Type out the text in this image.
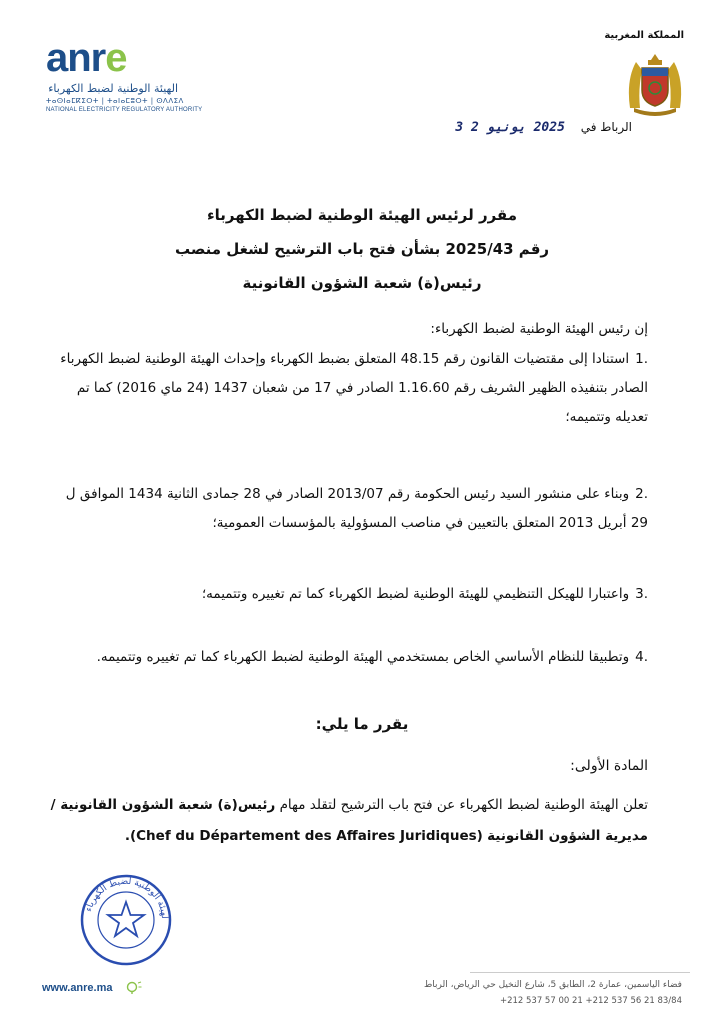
anre
الهيئة الوطنية لضبط الكهرباء
ⵜⴰⵙⵏⴰⵎⴽⵉⵔⵜ | ⵜⴰⵏⴰⵎⵓⵔⵜ | ⵙⴷⴷⵉⴷ
NATIONAL ELECTRICITY REGULATORY AUTHORITY
المملكة المغربية
الرباط في 2025 يونيو 2 3
مقرر لرئيس الهيئة الوطنية لضبط الكهرباء
رقم 2025/43 بشأن فتح باب الترشيح لشغل منصب
رئيس(ة) شعبة الشؤون القانونية
إن رئيس الهيئة الوطنية لضبط الكهرباء:
.1استنادا إلى مقتضيات القانون رقم 48.15 المتعلق بضبط الكهرباء وإحداث الهيئة الوطنية لضبط الكهرباء الصادر بتنفيذه الظهير الشريف رقم 1.16.60 الصادر في 17 من شعبان 1437 (24 ماي 2016) كما تم تعديله وتتميمه؛
.2وبناء على منشور السيد رئيس الحكومة رقم 2013/07 الصادر في 28 جمادى الثانية 1434 الموافق ل 29 أبريل 2013 المتعلق بالتعيين في مناصب المسؤولية بالمؤسسات العمومية؛
.3واعتبارا للهيكل التنظيمي للهيئة الوطنية لضبط الكهرباء كما تم تغييره وتتميمه؛
.4وتطبيقا للنظام الأساسي الخاص بمستخدمي الهيئة الوطنية لضبط الكهرباء كما تم تغييره وتتميمه.
يقرر ما يلي:
المادة الأولى:
تعلن الهيئة الوطنية لضبط الكهرباء عن فتح باب الترشيح لتقلد مهام رئيس(ة) شعبة الشؤون القانونية / مديرية الشؤون القانونية (Chef du Département des Affaires Juridiques).
لهيئة الوطنية لضبط الكهرباء
www.anre.ma	فضاء الياسمين، عمارة 2، الطابق 5، شارع النخيل حي الرياض، الرباط
+212 537 57 00 21 +212 537 56 21 83/84
